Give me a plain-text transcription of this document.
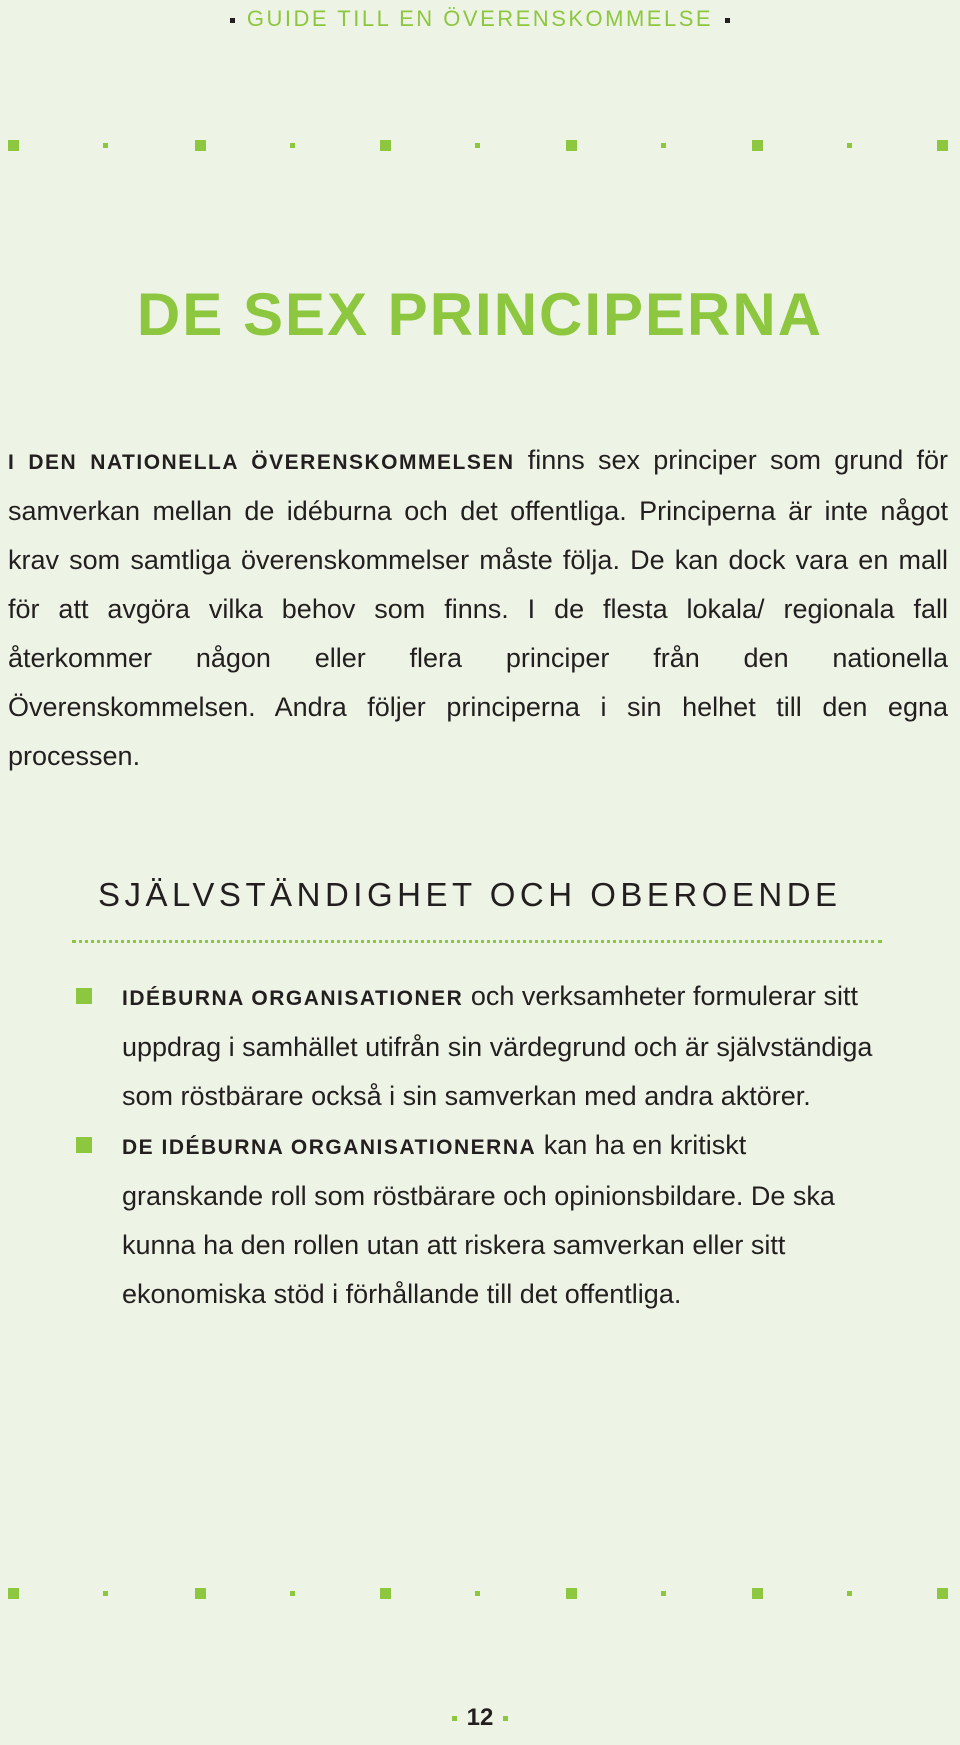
GUIDE TILL EN ÖVERENSKOMMELSE
DE SEX PRINCIPERNA
I DEN NATIONELLA ÖVERENSKOMMELSEN finns sex principer som grund för samverkan mellan de idéburna och det offentliga. Principerna är inte något krav som samtliga överenskommelser måste följa. De kan dock vara en mall för att avgöra vilka behov som finns. I de flesta lokala/ regionala fall återkommer någon eller flera principer från den nationella Överenskommelsen. Andra följer principerna i sin helhet till den egna processen.
SJÄLVSTÄNDIGHET OCH OBEROENDE
IDÉBURNA ORGANISATIONER och verksamheter formulerar sitt uppdrag i samhället utifrån sin värdegrund och är självständiga som röstbärare också i sin samverkan med andra aktörer.
DE IDÉBURNA ORGANISATIONERNA kan ha en kritiskt granskande roll som röstbärare och opinionsbildare. De ska kunna ha den rollen utan att riskera samverkan eller sitt ekonomiska stöd i förhållande till det offentliga.
12
